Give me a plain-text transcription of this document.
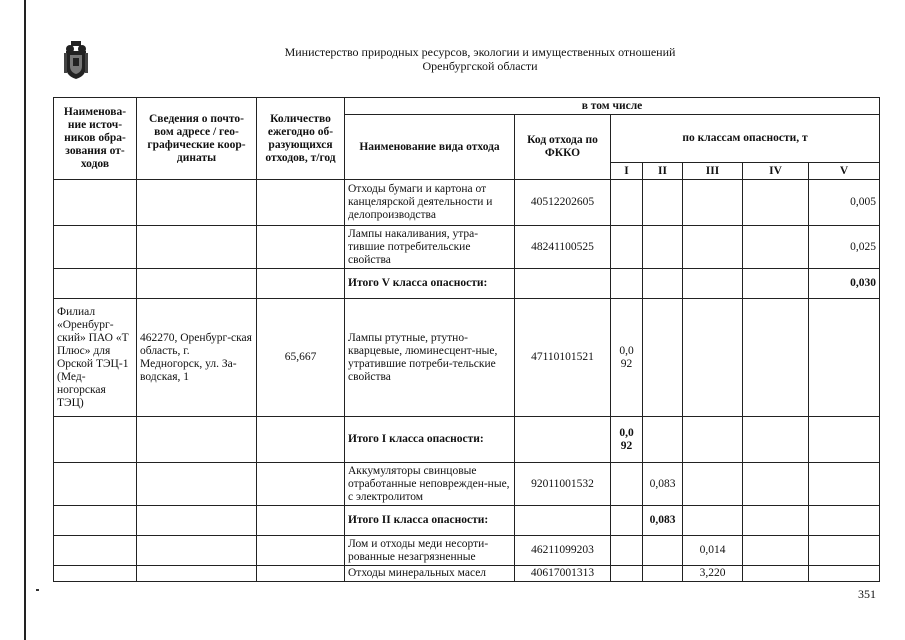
Министерство природных ресурсов, экологии и имущественных отношений
Оренбургской области
Наименова-ние источ-ников обра-зования от-ходов	Сведения о почто-вом адресе / гео-графические коор-динаты	Количество ежегодно об-разующихся отходов, т/год	в том числе						
			Наименование вида отхода	Код отхода по ФККО	по классам опасности, т				
					I	II	III	IV	V
			Отходы бумаги и картона от канцелярской деятельности и делопроизводства	40512202605					0,005
			Лампы накаливания, утра-тившие потребительские свойства	48241100525					0,025
			Итого V класса опасности:						0,030
Филиал «Оренбург-ский» ПАО «Т Плюс» для Орской ТЭЦ-1 (Мед-ногорская ТЭЦ)	462270, Оренбург-ская область, г. Медногорск, ул. За-водская, 1	65,667	Лампы ртутные, ртутно-кварцевые, люминесцент-ные, утратившие потреби-тельские свойства	47110101521	0,0 92				
			Итого I класса опасности:		0,0 92				
			Аккумуляторы свинцовые отработанные неповрежден-ные, с электролитом	92011001532		0,083			
			Итого II класса опасности:			0,083			
			Лом и отходы меди несорти-рованные незагрязненные	46211099203			0,014		
			Отходы минеральных масел	40617001313			3,220		
351
